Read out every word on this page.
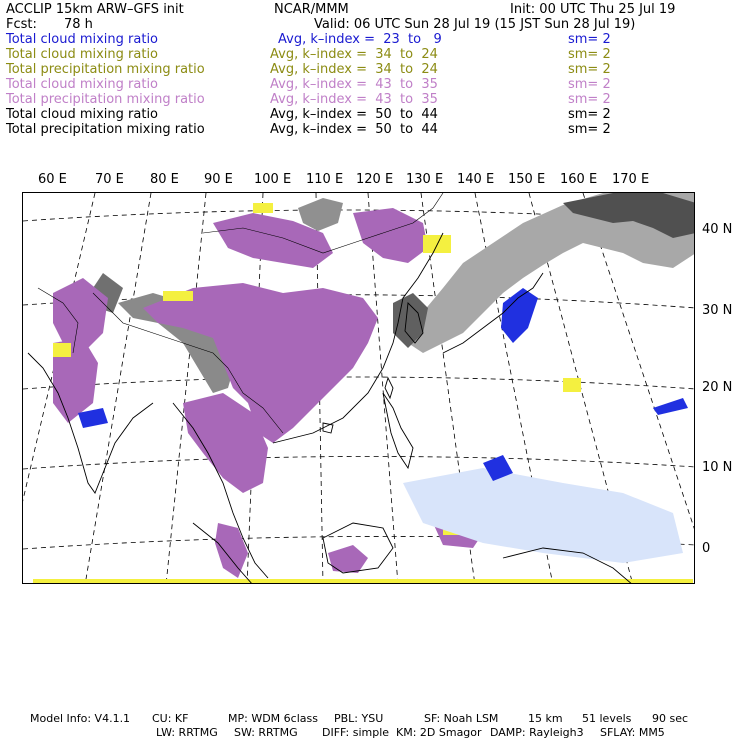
ACCLIP 15km ARW–GFS init	NCAR/MMM	Init: 00 UTC Thu 25 Jul 19
Fcst: 78 h	Valid: 06 UTC Sun 28 Jul 19 (15 JST Sun 28 Jul 19)
Total cloud mixing ratio	Avg, k–index =  23  to   9	sm= 2
Total cloud mixing ratio	Avg, k–index =  34  to  24	sm= 2
Total precipitation mixing ratio	Avg, k–index =  34  to  24	sm= 2
Total cloud mixing ratio	Avg, k–index =  43  to  35	sm= 2
Total precipitation mixing ratio	Avg, k–index =  43  to  35	sm= 2
Total cloud mixing ratio	Avg, k–index =  50  to  44	sm= 2
Total precipitation mixing ratio	Avg, k–index =  50  to  44	sm= 2
60 E 70 E 80 E 90 E 100 E 110 E 120 E 130 E 140 E 150 E 160 E 170 E
40 N
30 N
20 N
10 N
0
Model Info: V4.1.1 CU: KF	MP: WDM 6class PBL: YSU	SF: Noah LSM	15 km 51 levels 90 sec
LW: RRTMG SW: RRTMG DIFF: simple KM: 2D Smagor DAMP: Rayleigh3 SFLAY: MM5
